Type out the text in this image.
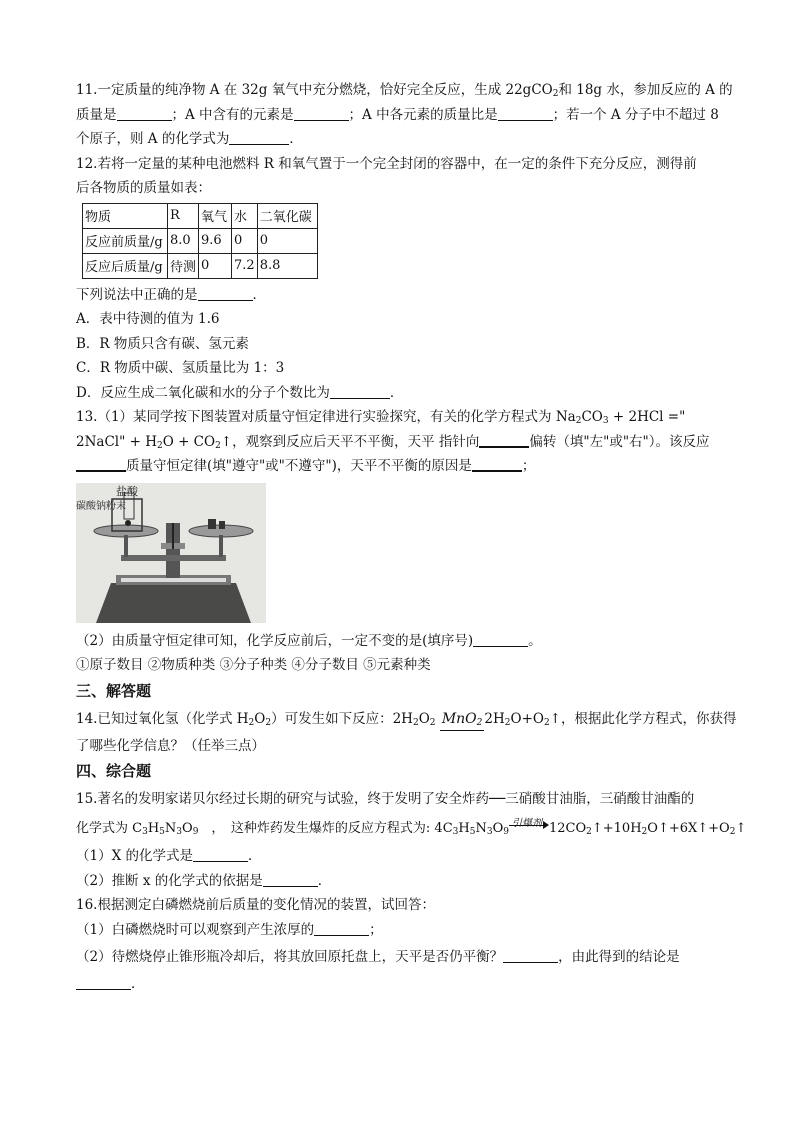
11.一定质量的纯净物 A 在 32g 氧气中充分燃烧，恰好完全反应，生成 22gCO$_2$和 18g 水，参加反应的 A 的
质量是	；A 中含有的元素是	；A 中各元素的质量比是	；若一个 A 分子中不超过 8
个原子，则 A 的化学式为	．
12.若将一定量的某种电池燃料 R 和氧气置于一个完全封闭的容器中，在一定的条件下充分反应，测得前
后各物质的质量如表：
物质	R	氧气	水	二氧化碳
反应前质量/g	8.0	9.6	0	0
反应后质量/g	待测	0	7.2	8.8
下列说法中正确的是	．
A．表中待测的值为 1.6
B．R 物质只含有碳、氢元素
C．R 物质中碳、氢质量比为 1：3
D．反应生成二氧化碳和水的分子个数比为	．
13.（1）某同学按下图装置对质量守恒定律进行实验探究，有关的化学方程式为 $Na_2CO_3 + 2HCl$ ="
2NaCl" + $H_2O$ + $CO_2↑$，观察到反应后天平不平衡，天平 指针向	偏转（填"左"或"右"）。该反应
质量守恒定律(填"遵守"或"不遵守")，天平不平衡的原因是	；
盐酸
碳酸钠粉末
（2）由质量守恒定律可知，化学反应前后，一定不变的是(填序号)	。
①原子数目 ②物质种类 ③分子种类 ④分子数目 ⑤元素种类
三、解答题
14.已知过氧化氢（化学式 $H_2O_2$）可发生如下反应：$2H_2O_2$ MnO$_2$ $2H_2O+O_2↑$，根据此化学方程式，你获得
了哪些化学信息？（任举三点）
四、综合题
15.著名的发明家诺贝尔经过长期的研究与试验，终于发明了安全炸药──三硝酸甘油脂，三硝酸甘油酯的
化学式为 $C_3H_5N_3O_9$　，　这种炸药发生爆炸的反应方程式为: $4C_3H_5N_3O_9$
引爆剂 $12CO_2↑+10H_2O↑+6X↑+O_2↑$
（1）X 的化学式是	．
（2）推断 x 的化学式的依据是	．
16.根据测定白磷燃烧前后质量的变化情况的装置，试回答：
（1）白磷燃烧时可以观察到产生浓厚的	；
（2）待燃烧停止锥形瓶冷却后，将其放回原托盘上，天平是否仍平衡？	，由此得到的结论是
．
